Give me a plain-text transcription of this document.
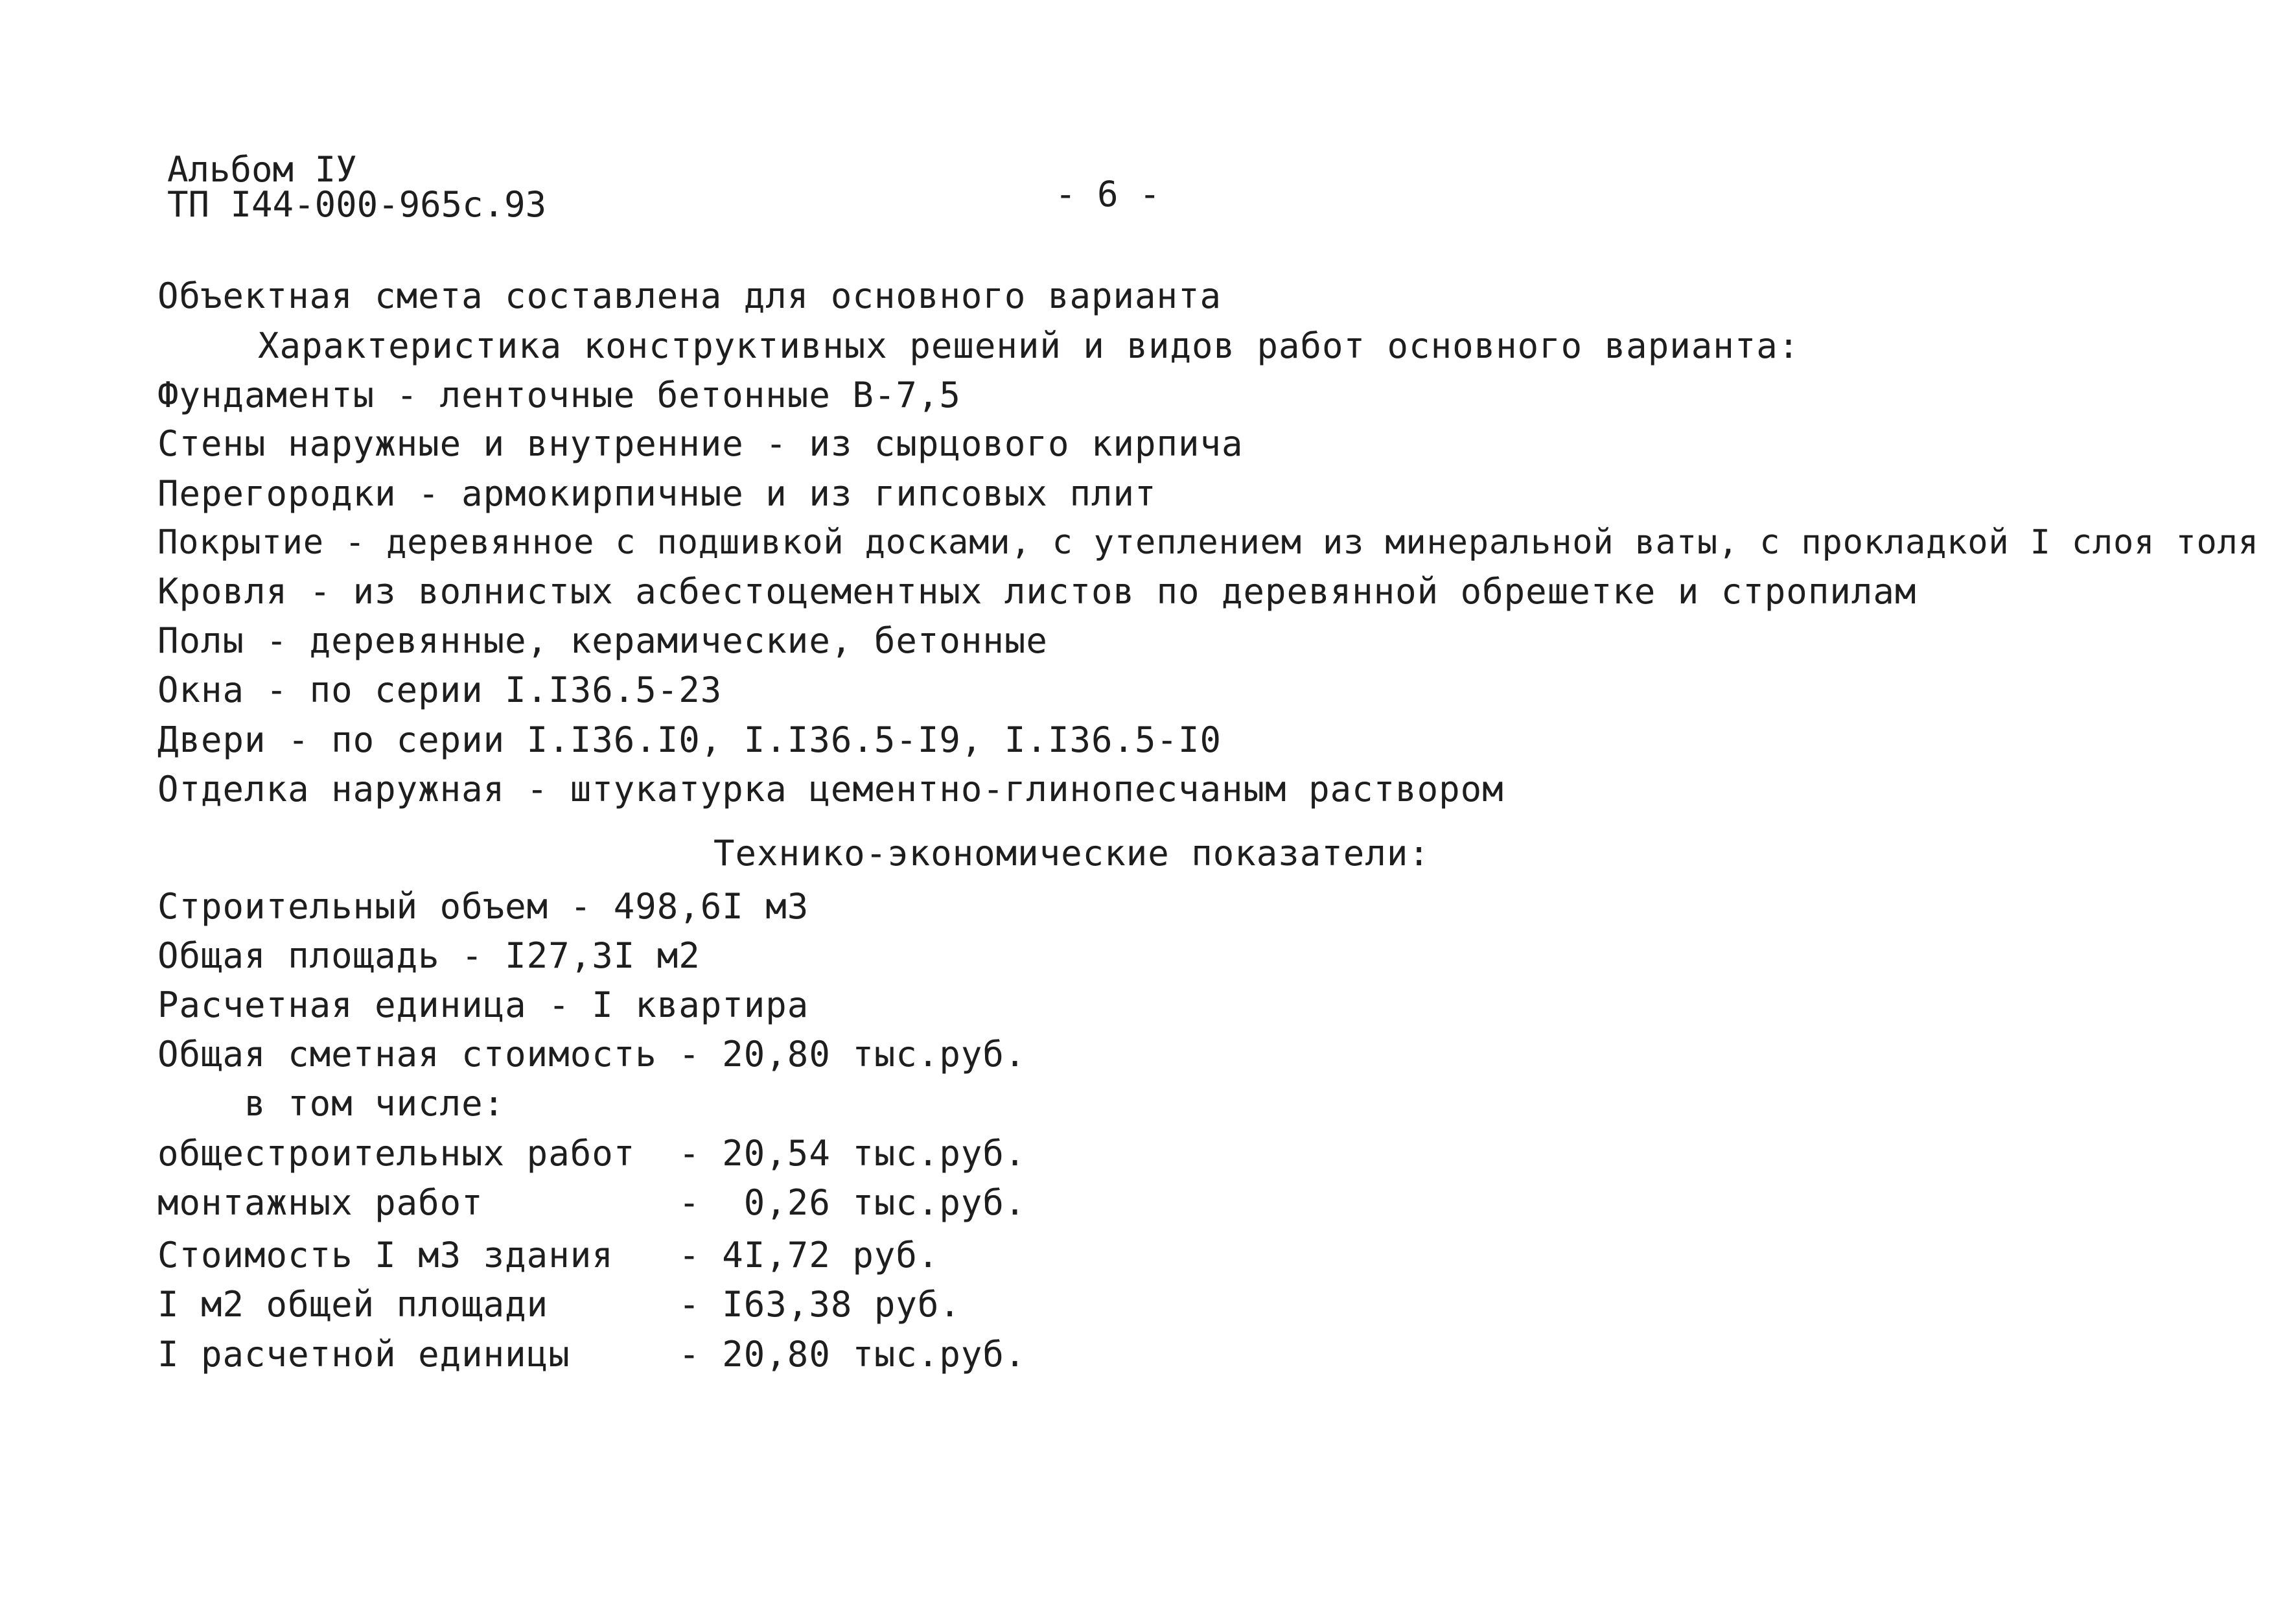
Альбом IУ
ТП I44-000-965с.93	- 6 -
Объектная смета составлена для основного варианта
Характеристика конструктивных решений и видов работ основного варианта:
Фундаменты - ленточные бетонные В-7,5
Стены наружные и внутренние - из сырцового кирпича
Перегородки - армокирпичные и из гипсовых плит
Покрытие - деревянное с подшивкой досками, с утеплением из минеральной ваты, с прокладкой I слоя толя
Кровля - из волнистых асбестоцементных листов по деревянной обрешетке и стропилам
Полы - деревянные, керамические, бетонные
Окна - по серии I.I36.5-23
Двери - по серии I.I36.I0, I.I36.5-I9, I.I36.5-I0
Отделка наружная - штукатурка цементно-глинопесчаным раствором
Технико-экономические показатели:
Строительный объем - 498,6I м3
Общая площадь - I27,3I м2
Расчетная единица - I квартира
Общая сметная стоимость - 20,80 тыс.руб.
в том числе:
общестроительных работ  - 20,54 тыс.руб.
монтажных работ         -  0,26 тыс.руб.
Стоимость I м3 здания   - 4I,72 руб.
I м2 общей площади      - I63,38 руб.
I расчетной единицы     - 20,80 тыс.руб.
